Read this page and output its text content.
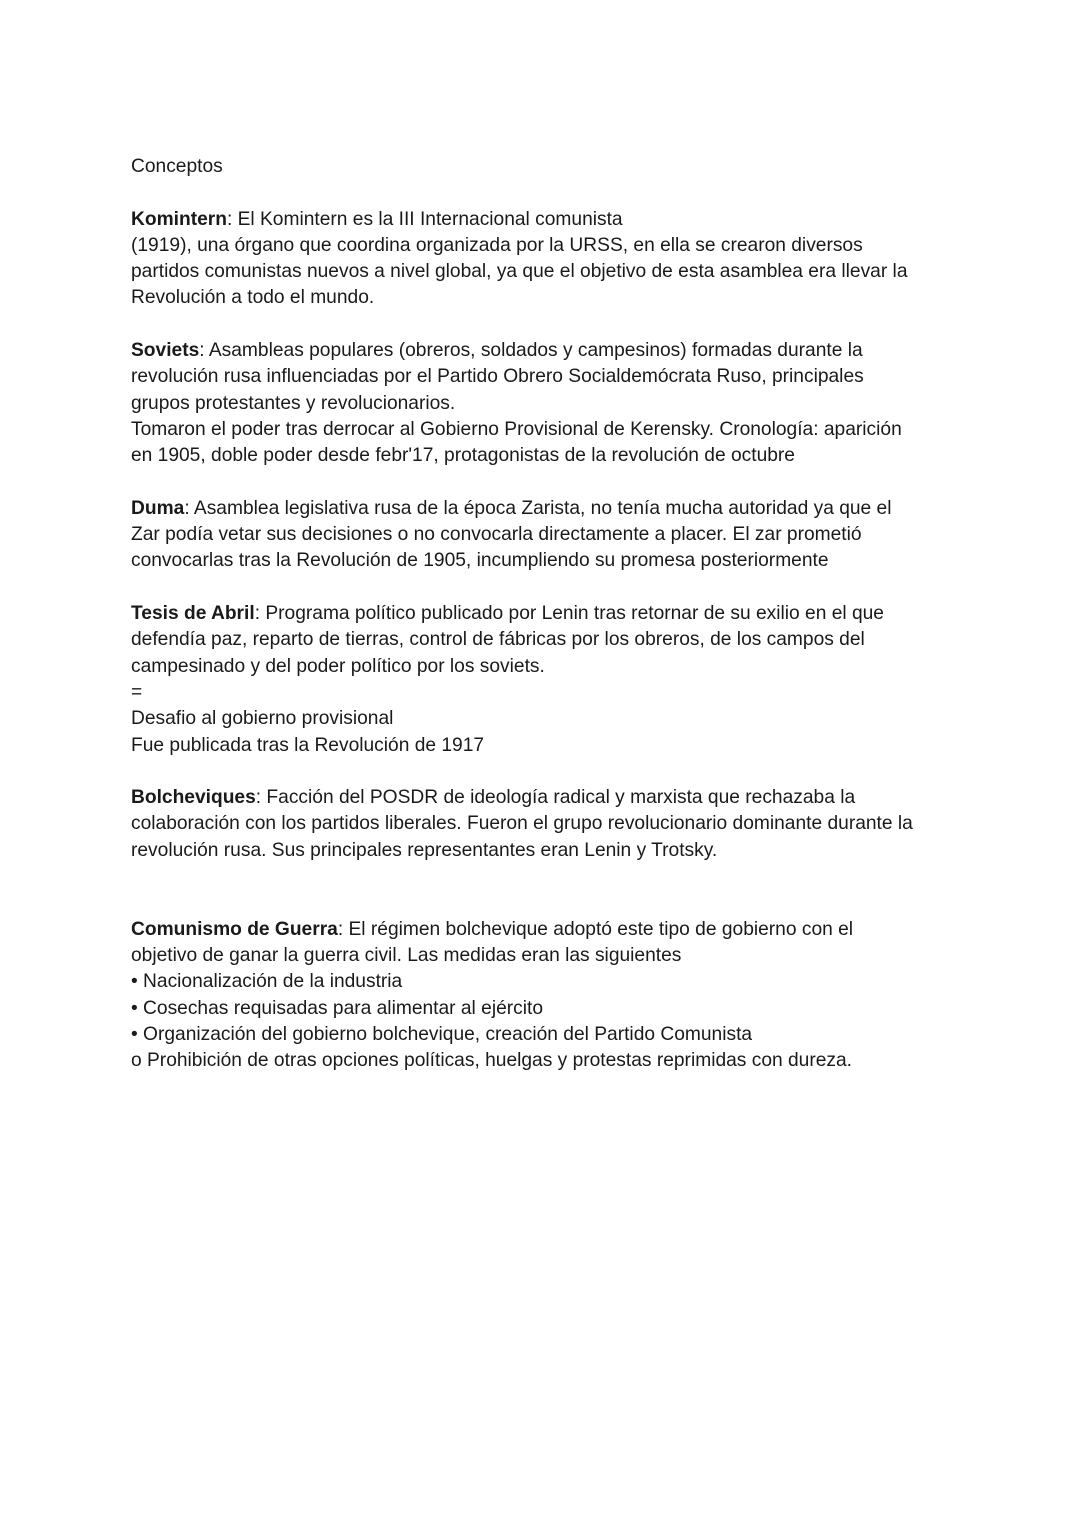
Conceptos
Komintern: El Komintern es la III Internacional comunista
(1919), una órgano que coordina organizada por la URSS, en ella se crearon diversos
partidos comunistas nuevos a nivel global, ya que el objetivo de esta asamblea era llevar la
Revolución a todo el mundo.
Soviets: Asambleas populares (obreros, soldados y campesinos) formadas durante la
revolución rusa influenciadas por el Partido Obrero Socialdemócrata Ruso, principales
grupos protestantes y revolucionarios.
Tomaron el poder tras derrocar al Gobierno Provisional de Kerensky. Cronología: aparición
en 1905, doble poder desde febr'17, protagonistas de la revolución de octubre
Duma: Asamblea legislativa rusa de la época Zarista, no tenía mucha autoridad ya que el
Zar podía vetar sus decisiones o no convocarla directamente a placer. El zar prometió
convocarlas tras la Revolución de 1905, incumpliendo su promesa posteriormente
Tesis de Abril: Programa político publicado por Lenin tras retornar de su exilio en el que
defendía paz, reparto de tierras, control de fábricas por los obreros, de los campos del
campesinado y del poder político por los soviets.
=
Desafio al gobierno provisional
Fue publicada tras la Revolución de 1917
Bolcheviques: Facción del POSDR de ideología radical y marxista que rechazaba la
colaboración con los partidos liberales. Fueron el grupo revolucionario dominante durante la
revolución rusa. Sus principales representantes eran Lenin y Trotsky.
Comunismo de Guerra: El régimen bolchevique adoptó este tipo de gobierno con el
objetivo de ganar la guerra civil. Las medidas eran las siguientes
• Nacionalización de la industria
• Cosechas requisadas para alimentar al ejército
• Organización del gobierno bolchevique, creación del Partido Comunista
o Prohibición de otras opciones políticas, huelgas y protestas reprimidas con dureza.
